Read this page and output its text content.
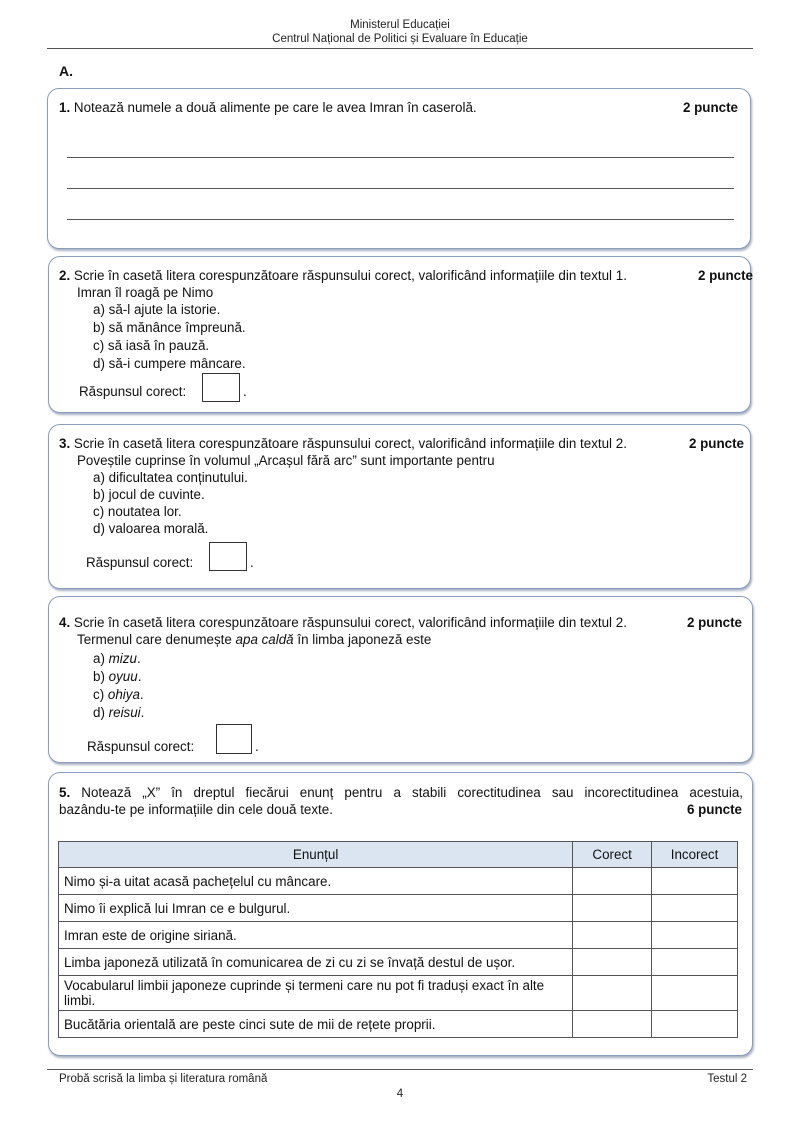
Ministerul Educației
Centrul Național de Politici și Evaluare în Educație
A.
1. Notează numele a două alimente pe care le avea Imran în caserolă.	2 puncte
2. Scrie în casetă litera corespunzătoare răspunsului corect, valorificând informațiile din textul 1.	2 puncte
Imran îl roagă pe Nimo
a) să-l ajute la istorie.
b) să mănânce împreună.
c) să iasă în pauză.
d) să-i cumpere mâncare.
Răspunsul corect:	.
3. Scrie în casetă litera corespunzătoare răspunsului corect, valorificând informațiile din textul 2.	2 puncte
Poveștile cuprinse în volumul „Arcașul fără arc” sunt importante pentru
a) dificultatea conținutului.
b) jocul de cuvinte.
c) noutatea lor.
d) valoarea morală.
Răspunsul corect:	.
4. Scrie în casetă litera corespunzătoare răspunsului corect, valorificând informațiile din textul 2.	2 puncte
Termenul care denumește apa caldă în limba japoneză este
a) mizu.
b) oyuu.
c) ohiya.
d) reisui.
Răspunsul corect:	.
5. Notează „X” în dreptul fiecărui enunț pentru a stabili corectitudinea sau incorectitudinea acestuia,
bazându-te pe informațiile din cele două texte.	6 puncte
Enunțul	Corect	Incorect
Nimo și-a uitat acasă pachețelul cu mâncare.		
Nimo îi explică lui Imran ce e bulgurul.		
Imran este de origine siriană.		
Limba japoneză utilizată în comunicarea de zi cu zi se învață destul de ușor.		
Vocabularul limbii japoneze cuprinde și termeni care nu pot fi traduși exact în alte limbi.		
Bucătăria orientală are peste cinci sute de mii de rețete proprii.		
Probă scrisă la limba și literatura română	Testul 2
4
